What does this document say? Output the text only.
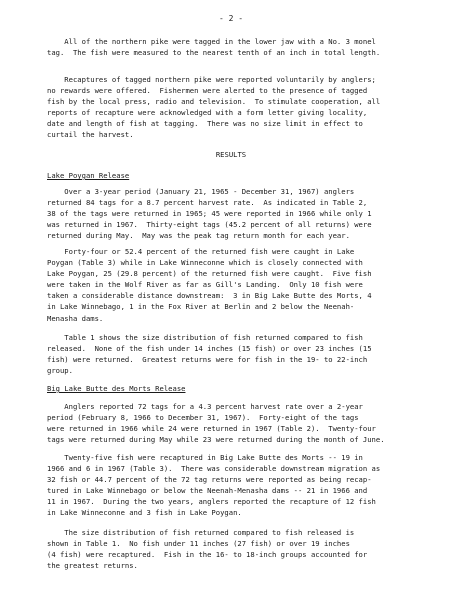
- 2 -
All of the northern pike were tagged in the lower jaw with a No. 3 monel
tag.  The fish were measured to the nearest tenth of an inch in total length.
Recaptures of tagged northern pike were reported voluntarily by anglers;
no rewards were offered.  Fishermen were alerted to the presence of tagged
fish by the local press, radio and television.  To stimulate cooperation, all
reports of recapture were acknowledged with a form letter giving locality,
date and length of fish at tagging.  There was no size limit in effect to
curtail the harvest.
RESULTS
Lake Poygan Release
Over a 3-year period (January 21, 1965 - December 31, 1967) anglers
returned 84 tags for a 8.7 percent harvest rate.  As indicated in Table 2,
38 of the tags were returned in 1965; 45 were reported in 1966 while only 1
was returned in 1967.  Thirty-eight tags (45.2 percent of all returns) were
returned during May.  May was the peak tag return month for each year.
Forty-four or 52.4 percent of the returned fish were caught in Lake
Poygan (Table 3) while in Lake Winneconne which is closely connected with
Lake Poygan, 25 (29.8 percent) of the returned fish were caught.  Five fish
were taken in the Wolf River as far as Gill's Landing.  Only 10 fish were
taken a considerable distance downstream:  3 in Big Lake Butte des Morts, 4
in Lake Winnebago, 1 in the Fox River at Berlin and 2 below the Neenah-
Menasha dams.
Table 1 shows the size distribution of fish returned compared to fish
released.  None of the fish under 14 inches (15 fish) or over 23 inches (15
fish) were returned.  Greatest returns were for fish in the 19- to 22-inch
group.
Big Lake Butte des Morts Release
Anglers reported 72 tags for a 4.3 percent harvest rate over a 2-year
period (February 8, 1966 to December 31, 1967).  Forty-eight of the tags
were returned in 1966 while 24 were returned in 1967 (Table 2).  Twenty-four
tags were returned during May while 23 were returned during the month of June.
Twenty-five fish were recaptured in Big Lake Butte des Morts -- 19 in
1966 and 6 in 1967 (Table 3).  There was considerable downstream migration as
32 fish or 44.7 percent of the 72 tag returns were reported as being recap-
tured in Lake Winnebago or below the Neenah-Menasha dams -- 21 in 1966 and
11 in 1967.  During the two years, anglers reported the recapture of 12 fish
in Lake Winneconne and 3 fish in Lake Poygan.
The size distribution of fish returned compared to fish released is
shown in Table 1.  No fish under 11 inches (27 fish) or over 19 inches
(4 fish) were recaptured.  Fish in the 16- to 18-inch groups accounted for
the greatest returns.
